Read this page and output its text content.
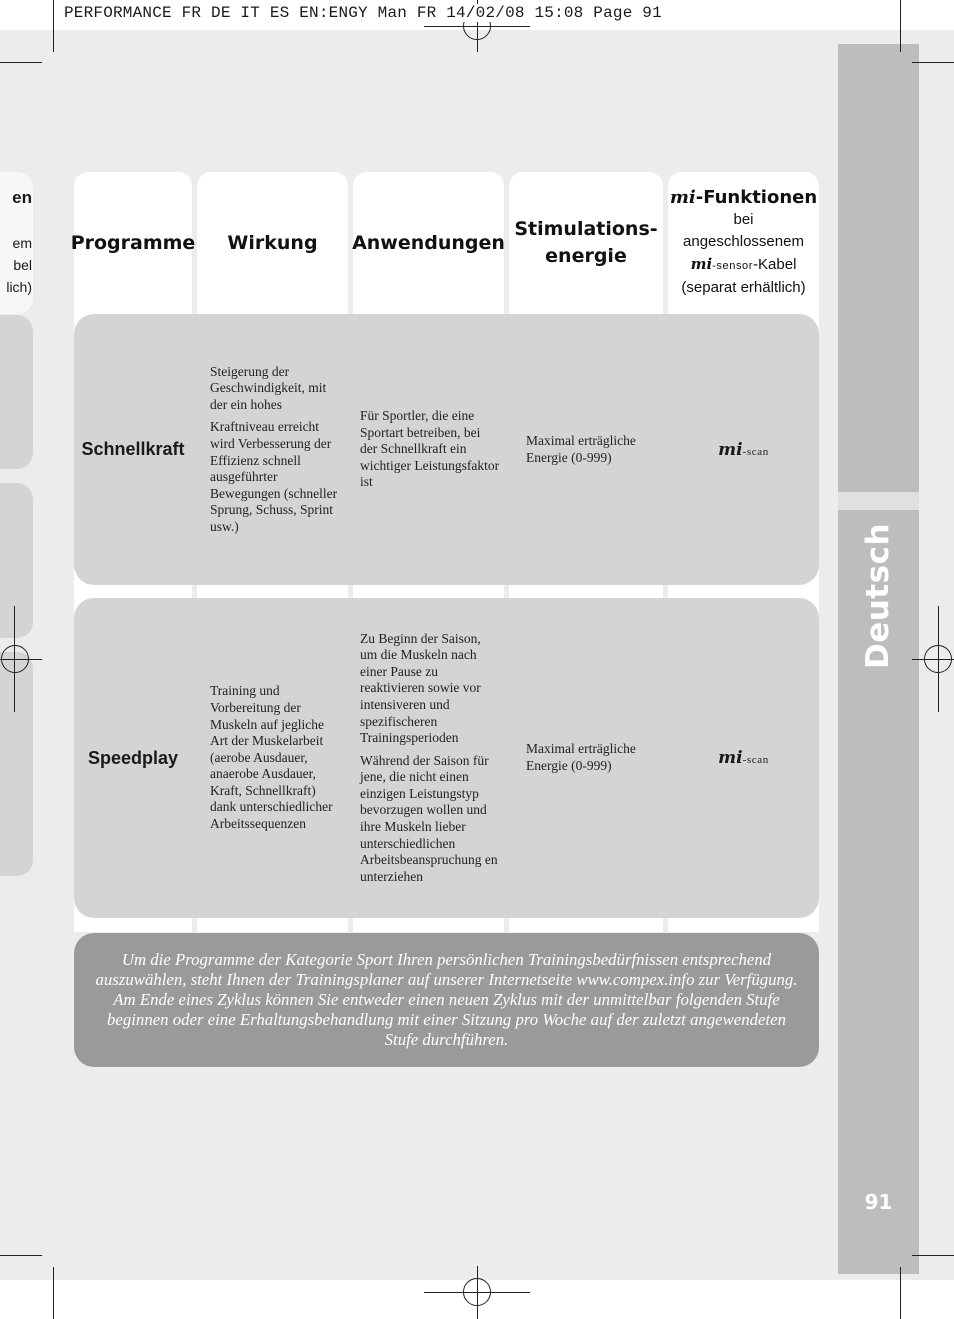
PERFORMANCE FR DE IT ES EN:ENGY Man FR 14/02/08 15:08 Page 91
en
em
bel
lich)
Deutsch
91
Programme Wirkung Anwendungen
Stimulations-
energie
mi-Funktionen
bei
angeschlossenem
mi-sensor-Kabel
(separat erhältlich)
Schnellkraft

Steigerung der Geschwindigkeit, mit der ein hohes

Kraftniveau erreicht wird Verbesserung der Effizienz schnell ausgeführter Bewegungen (schneller Sprung, Schuss, Sprint usw.)

Für Sportler, die eine Sportart betreiben, bei der Schnellkraft ein wichtiger Leistungsfaktor ist

Maximal erträgliche Energie (0-999)	mi-scan
Speedplay

Training und Vorbereitung der Muskeln auf jegliche Art der Muskelarbeit (aerobe Ausdauer, anaerobe Ausdauer, Kraft, Schnellkraft) dank unterschiedlicher Arbeitssequenzen

Zu Beginn der Saison, um die Muskeln nach einer Pause zu reaktivieren sowie vor intensiveren und spezifischeren Trainingsperioden

Während der Saison für jene, die nicht einen einzigen Leistungstyp bevorzugen wollen und ihre Muskeln lieber unterschiedlichen Arbeitsbeanspruchung en unterziehen

Maximal erträgliche Energie (0-999)	mi-scan

Um die Programme der Kategorie Sport Ihren persönlichen Trainingsbedürfnissen entsprechend auszuwählen, steht Ihnen der Trainingsplaner auf unserer Internetseite www.compex.info zur Verfügung.

Am Ende eines Zyklus können Sie entweder einen neuen Zyklus mit der unmittelbar folgenden Stufe beginnen oder eine Erhaltungsbehandlung mit einer Sitzung pro Woche auf der zuletzt angewendeten Stufe durchführen.
